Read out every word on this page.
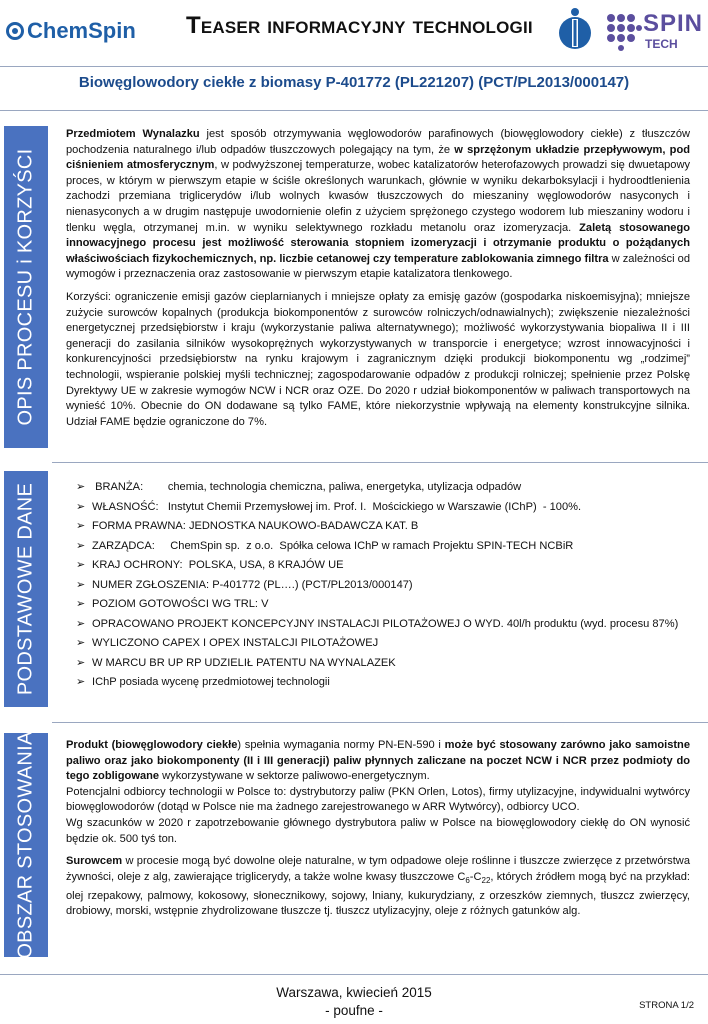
ChemSpin Teaser informacyjny technologii	SPIN
TECH
Biowęglowodory ciekłe z biomasy P-401772 (PL221207) (PCT/PL2013/000147)
OPIS PROCESU i KORZYŚCI

Przedmiotem Wynalazku jest sposób otrzymywania węglowodorów parafinowych (biowęglowodory ciekłe) z tłuszczów pochodzenia naturalnego i/lub odpadów tłuszczowych polegający na tym, że w sprzężonym układzie przepływowym, pod ciśnieniem atmosferycznym, w podwyższonej temperaturze, wobec katalizatorów heterofazowych prowadzi się dwuetapowy proces, w którym w pierwszym etapie w ściśle określonych warunkach, głównie w wyniku dekarboksylacji i hydroodtlenienia zachodzi przemiana triglicerydów i/lub wolnych kwasów tłuszczowych do mieszaniny węglowodorów nasyconych i nienasyconych a w drugim następuje uwodornienie olefin z użyciem sprężonego czystego wodorem lub mieszaniny wodoru i tlenku węgla, otrzymanej m.in. w wyniku selektywnego rozkładu metanolu oraz izomeryzacja. Zaletą stosowanego innowacyjnego procesu jest możliwość sterowania stopniem izomeryzacji i otrzymanie produktu o pożądanych właściwościach fizykochemicznych, np. liczbie cetanowej czy temperature zablokowania zimnego filtra w zależności od wymogów i przeznaczenia oraz zastosowanie w pierwszym etapie katalizatora tlenkowego.

Korzyści: ograniczenie emisji gazów cieplarnianych i mniejsze opłaty za emisję gazów (gospodarka niskoemisyjna); mniejsze zużycie surowców kopalnych (produkcja biokomponentów z surowców rolniczych/odnawialnych); zwiększenie niezależności energetycznej przedsiębiorstw i kraju (wykorzystanie paliwa alternatywnego); możliwość wykorzystywania biopaliwa II i III generacji do zasilania silników wysokoprężnych wykorzystywanych w transporcie i energetyce; wzrost innowacyjności i konkurencyjności przedsiębiorstw na rynku krajowym i zagranicznym dzięki produkcji biokomponentu wg „rodzimej” technologii, wspieranie polskiej myśli technicznej; zagospodarowanie odpadów z produkcji rolniczej; spełnienie przez Polskę Dyrektywy UE w zakresie wymogów NCW i NCR oraz OZE. Do 2020 r udział biokomponentów w paliwach transportowych na wynieść 10%. Obecnie do ON dodawane są tylko FAME, które niekorzystnie wpływają na elementy konstrukcyjne silnika. Udział FAME będzie ograniczone do 7%.

PODSTAWOWE DANE	➢ BRANŻA:        chemia, technologia chemiczna, paliwa, energetyka, utylizacja odpadów
➢ WŁASNOŚĆ:   Instytut Chemii Przemysłowej im. Prof. I.  Mościckiego w Warszawie (IChP)  - 100%.
➢ FORMA PRAWNA: JEDNOSTKA NAUKOWO-BADAWCZA KAT. B
➢ ZARZĄDCA:     ChemSpin sp.  z o.o.  Spółka celowa IChP w ramach Projektu SPIN-TECH NCBiR
➢ KRAJ OCHRONY:  POLSKA, USA, 8 KRAJÓW UE
➢ NUMER ZGŁOSZENIA: P-401772 (PL….) (PCT/PL2013/000147)
➢ POZIOM GOTOWOŚCI WG TRL: V
➢ OPRACOWANO PROJEKT KONCEPCYJNY INSTALACJI PILOTAŻOWEJ O WYD. 40l/h produktu (wyd. procesu 87%)
➢ WYLICZONO CAPEX I OPEX INSTALCJI PILOTAŻOWEJ
➢ W MARCU BR UP RP UDZIELIŁ PATENTU NA WYNALAZEK
➢ IChP posiada wycenę przedmiotowej technologii
OBSZAR STOSOWANIA	Produkt (biowęglowodory ciekłe) spełnia wymagania normy PN-EN-590 i może być stosowany zarówno jako samoistne paliwo oraz jako biokomponenty (II i III generacji) paliw płynnych zaliczane na poczet NCW i NCR przez podmioty do tego zobligowane wykorzystywane w sektorze paliwowo-energetycznym.

Potencjalni odbiorcy technologii w Polsce to: dystrybutorzy paliw (PKN Orlen, Lotos), firmy utylizacyjne, indywidualni wytwórcy biowęglowodorów (dotąd w Polsce nie ma żadnego zarejestrowanego w ARR Wytwórcy), odbiorcy UCO.

Wg szacunków w 2020 r zapotrzebowanie głównego dystrybutora paliw w Polsce na biowęglowodory ciekłę do ON wynosić będzie ok. 500 tyś ton.

Surowcem w procesie mogą być dowolne oleje naturalne, w tym odpadowe oleje roślinne i tłuszcze zwierzęce z przetwórstwa żywności, oleje z alg, zawierające triglicerydy, a także wolne kwasy tłuszczowe $C_6-C_{22}$, których źródłem mogą być na przykład: olej rzepakowy, palmowy, kokosowy, słonecznikowy, sojowy, lniany, kukurydziany, z orzeszków ziemnych, tłuszcz zwierzęcy, drobiowy, morski, wstępnie zhydrolizowane tłuszcze tj. tłuszcz utylizacyjny, oleje z różnych gatunków alg.

Warszawa, kwiecień 2015
- poufne -	STRONA 1/2
